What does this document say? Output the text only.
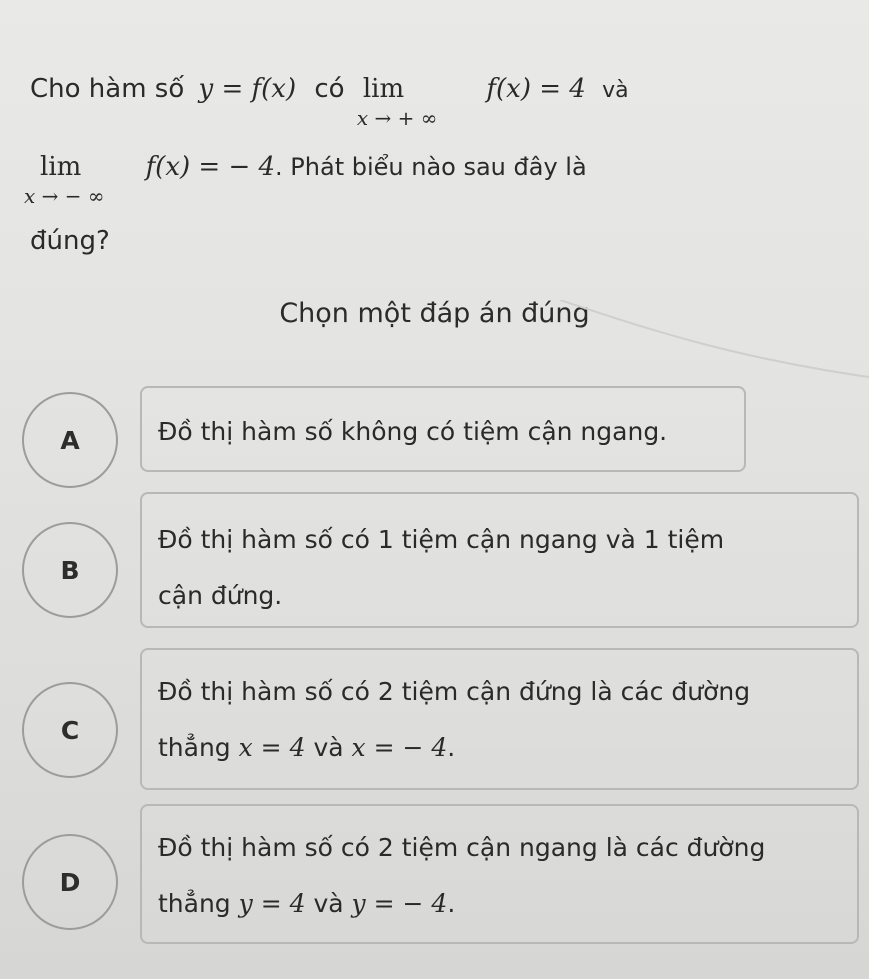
Cho hàm số y = f(x) có lim
x → + ∞
f(x) = 4 và
lim
x → − ∞
f(x) = − 4. Phát biểu nào sau đây là
đúng?
Chọn một đáp án đúng
A	Đồ thị hàm số không có tiệm cận ngang.
B
Đồ thị hàm số có 1 tiệm cận ngang và 1 tiệm
cận đứng.
C
Đồ thị hàm số có 2 tiệm cận đứng là các đường
thẳng x = 4 và x = − 4.
D
Đồ thị hàm số có 2 tiệm cận ngang là các đường
thẳng y = 4 và y = − 4.
